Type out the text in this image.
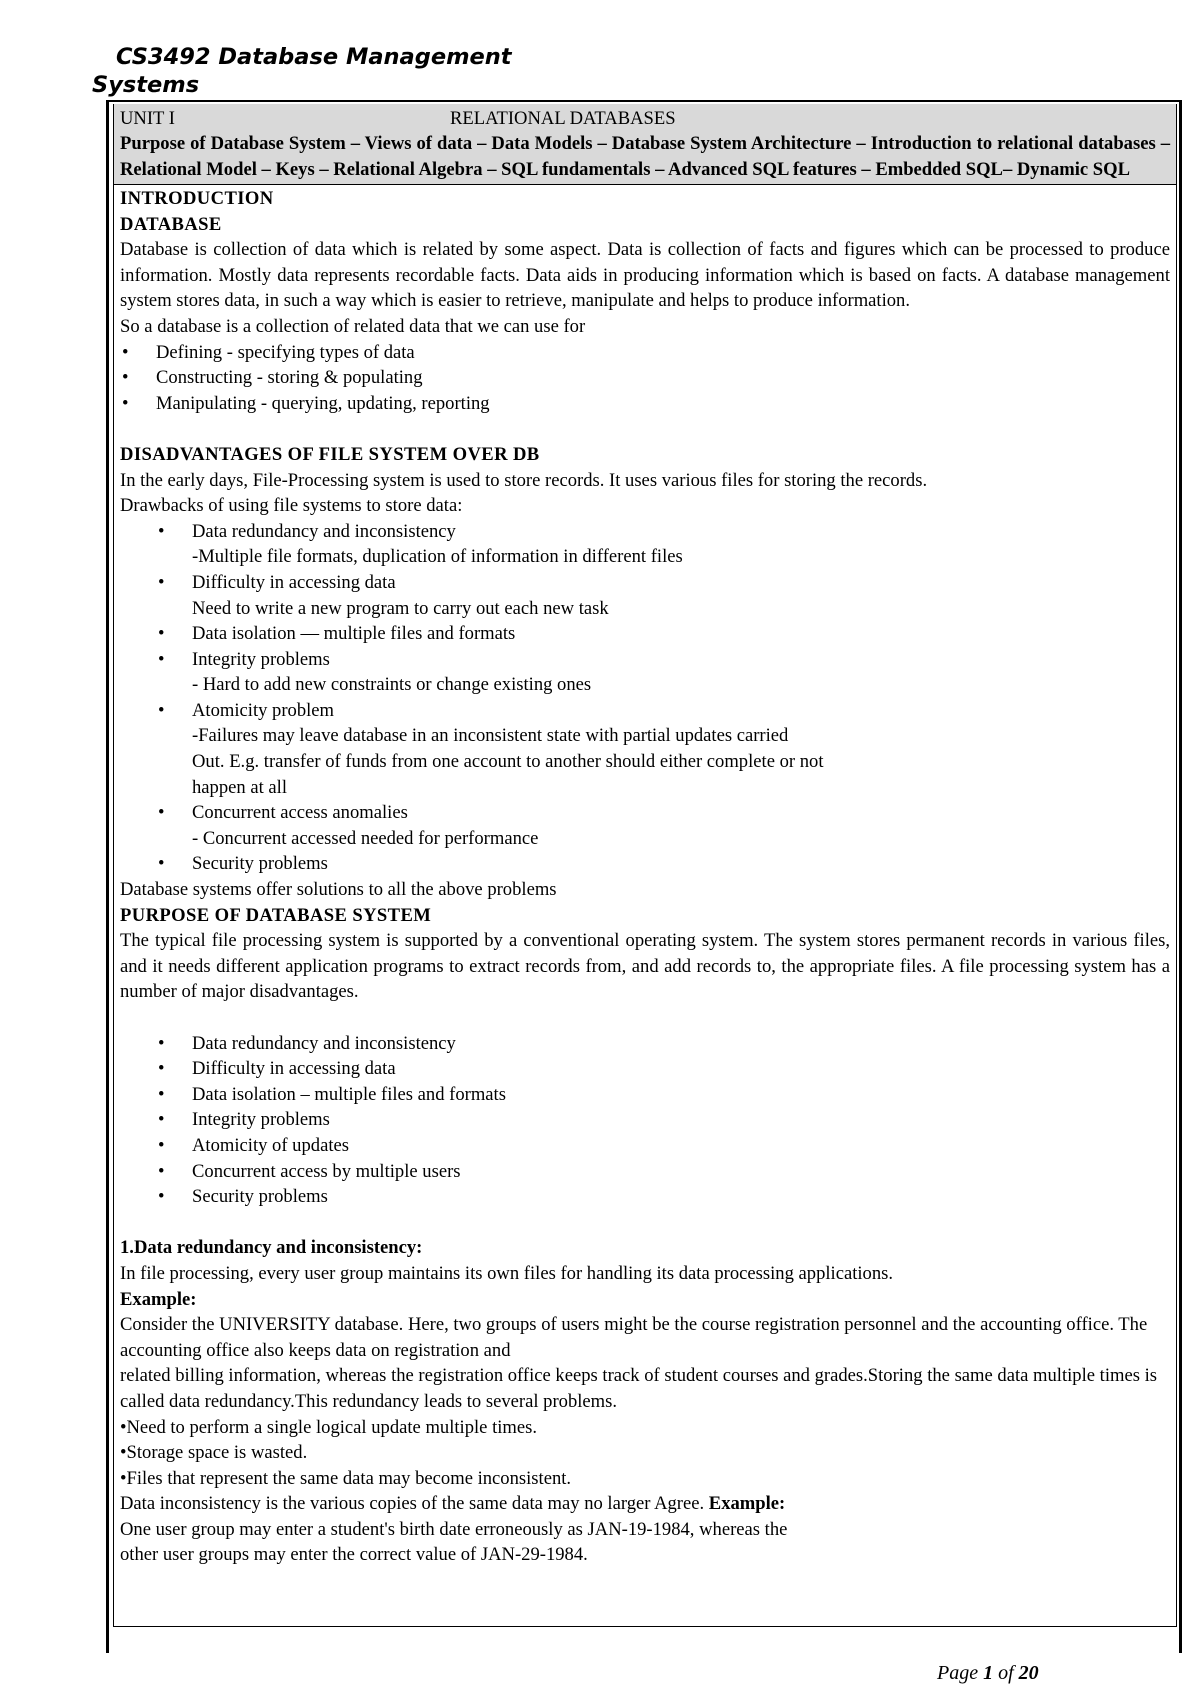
CS3492 Database Management
Systems
UNIT I	RELATIONAL DATABASES

Purpose of Database System – Views of data – Data Models – Database System Architecture – Introduction to relational databases – Relational Model – Keys – Relational Algebra – SQL fundamentals – Advanced SQL features – Embedded SQL– Dynamic SQL

INTRODUCTION

DATABASE

Database is collection of data which is related by some aspect. Data is collection of facts and figures which can be processed to produce information. Mostly data represents recordable facts. Data aids in producing information which is based on facts. A database management system stores data, in such a way which is easier to retrieve, manipulate and helps to produce information.

So a database is a collection of related data that we can use for

• Defining - specifying types of data
• Constructing - storing & populating
• Manipulating - querying, updating, reporting

DISADVANTAGES OF FILE SYSTEM OVER DB

In the early days, File-Processing system is used to store records. It uses various files for storing the records.

Drawbacks of using file systems to store data:

• Data redundancy and inconsistency

-Multiple file formats, duplication of information in different files

• Difficulty in accessing data

Need to write a new program to carry out each new task

• Data isolation — multiple files and formats
• Integrity problems

- Hard to add new constraints or change existing ones

• Atomicity problem

-Failures may leave database in an inconsistent state with partial updates carried

Out. E.g. transfer of funds from one account to another should either complete or not

happen at all

• Concurrent access anomalies

- Concurrent accessed needed for performance

• Security problems

Database systems offer solutions to all the above problems

PURPOSE OF DATABASE SYSTEM

The typical file processing system is supported by a conventional operating system. The system stores permanent records in various files, and it needs different application programs to extract records from, and add records to, the appropriate files. A file processing system has a number of major disadvantages.

• Data redundancy and inconsistency
• Difficulty in accessing data
• Data isolation – multiple files and formats
• Integrity problems
• Atomicity of updates
• Concurrent access by multiple users
• Security problems

1.Data redundancy and inconsistency:

In file processing, every user group maintains its own files for handling its data processing applications.

Example:

Consider the UNIVERSITY database. Here, two groups of users might be the course registration personnel and the accounting office. The accounting office also keeps data on registration and

related billing information, whereas the registration office keeps track of student courses and grades.Storing the same data multiple times is called data redundancy.This redundancy leads to several problems.

•Need to perform a single logical update multiple times.

•Storage space is wasted.

•Files that represent the same data may become inconsistent.

Data inconsistency is the various copies of the same data may no larger Agree. Example:

One user group may enter a student's birth date erroneously as JAN-19-1984, whereas the

other user groups may enter the correct value of JAN-29-1984.

Page 1 of 20
